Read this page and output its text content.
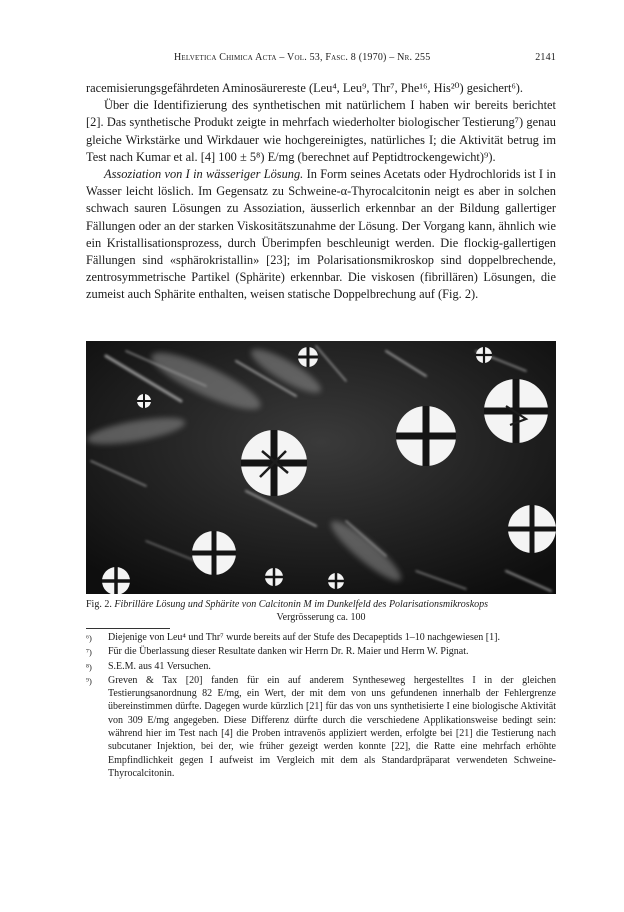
Helvetica Chimica Acta – Vol. 53, Fasc. 8 (1970) – Nr. 255	2141

racemisierungsgefährdeten Aminosäurereste (Leu⁴, Leu⁹, Thr⁷, Phe¹⁶, His²⁰) gesichert⁶).

Über die Identifizierung des synthetischen mit natürlichem I haben wir bereits berichtet [2]. Das synthetische Produkt zeigte in mehrfach wiederholter biologischer Testierung⁷) genau gleiche Wirkstärke und Wirkdauer wie hochgereinigtes, natürliches I; die Aktivität betrug im Test nach Kumar et al. [4] 100 ± 5⁸) E/mg (berechnet auf Peptidtrockengewicht)⁹).

Assoziation von I in wässeriger Lösung. In Form seines Acetats oder Hydrochlorids ist I in Wasser leicht löslich. Im Gegensatz zu Schweine-α-Thyrocalcitonin neigt es aber in solchen schwach sauren Lösungen zu Assoziation, äusserlich erkennbar an der Bildung gallertiger Fällungen oder an der starken Viskositätszunahme der Lösung. Der Vorgang kann, ähnlich wie ein Kristallisationsprozess, durch Überimpfen beschleunigt werden. Die flockig-gallertigen Fällungen sind «sphärokristallin» [23]; im Polarisationsmikroskop sind doppelbrechende, zentrosymmetrische Partikel (Sphärite) erkennbar. Die viskosen (fibrillären) Lösungen, die zumeist auch Sphärite enthalten, weisen statische Doppelbrechung auf (Fig. 2).

Fig. 2. Fibrilläre Lösung und Sphärite von Calcitonin M im Dunkelfeld des Polarisationsmikroskops
Vergrösserung ca. 100
⁶)	Diejenige von Leu⁴ und Thr⁷ wurde bereits auf der Stufe des Decapeptids 1–10 nachgewiesen [1].
⁷)	Für die Überlassung dieser Resultate danken wir Herrn Dr. R. Maier und Herrn W. Pignat.
⁸)	S.E.M. aus 41 Versuchen.
⁹)	Greven & Tax [20] fanden für ein auf anderem Syntheseweg hergestelltes I in der gleichen Testierungsanordnung 82 E/mg, ein Wert, der mit dem von uns gefundenen innerhalb der Fehlergrenze übereinstimmen dürfte. Dagegen wurde kürzlich [21] für das von uns synthetisierte I eine biologische Aktivität von 309 E/mg angegeben. Diese Differenz dürfte durch die verschiedene Applikationsweise bedingt sein: während hier im Test nach [4] die Proben intravenös appliziert werden, erfolgte bei [21] die Testierung nach subcutaner Injektion, bei der, wie früher gezeigt werden konnte [22], die Ratte eine mehrfach erhöhte Empfindlichkeit gegen I aufweist im Vergleich mit dem als Standardpräparat verwendeten Schweine-Thyrocalcitonin.
